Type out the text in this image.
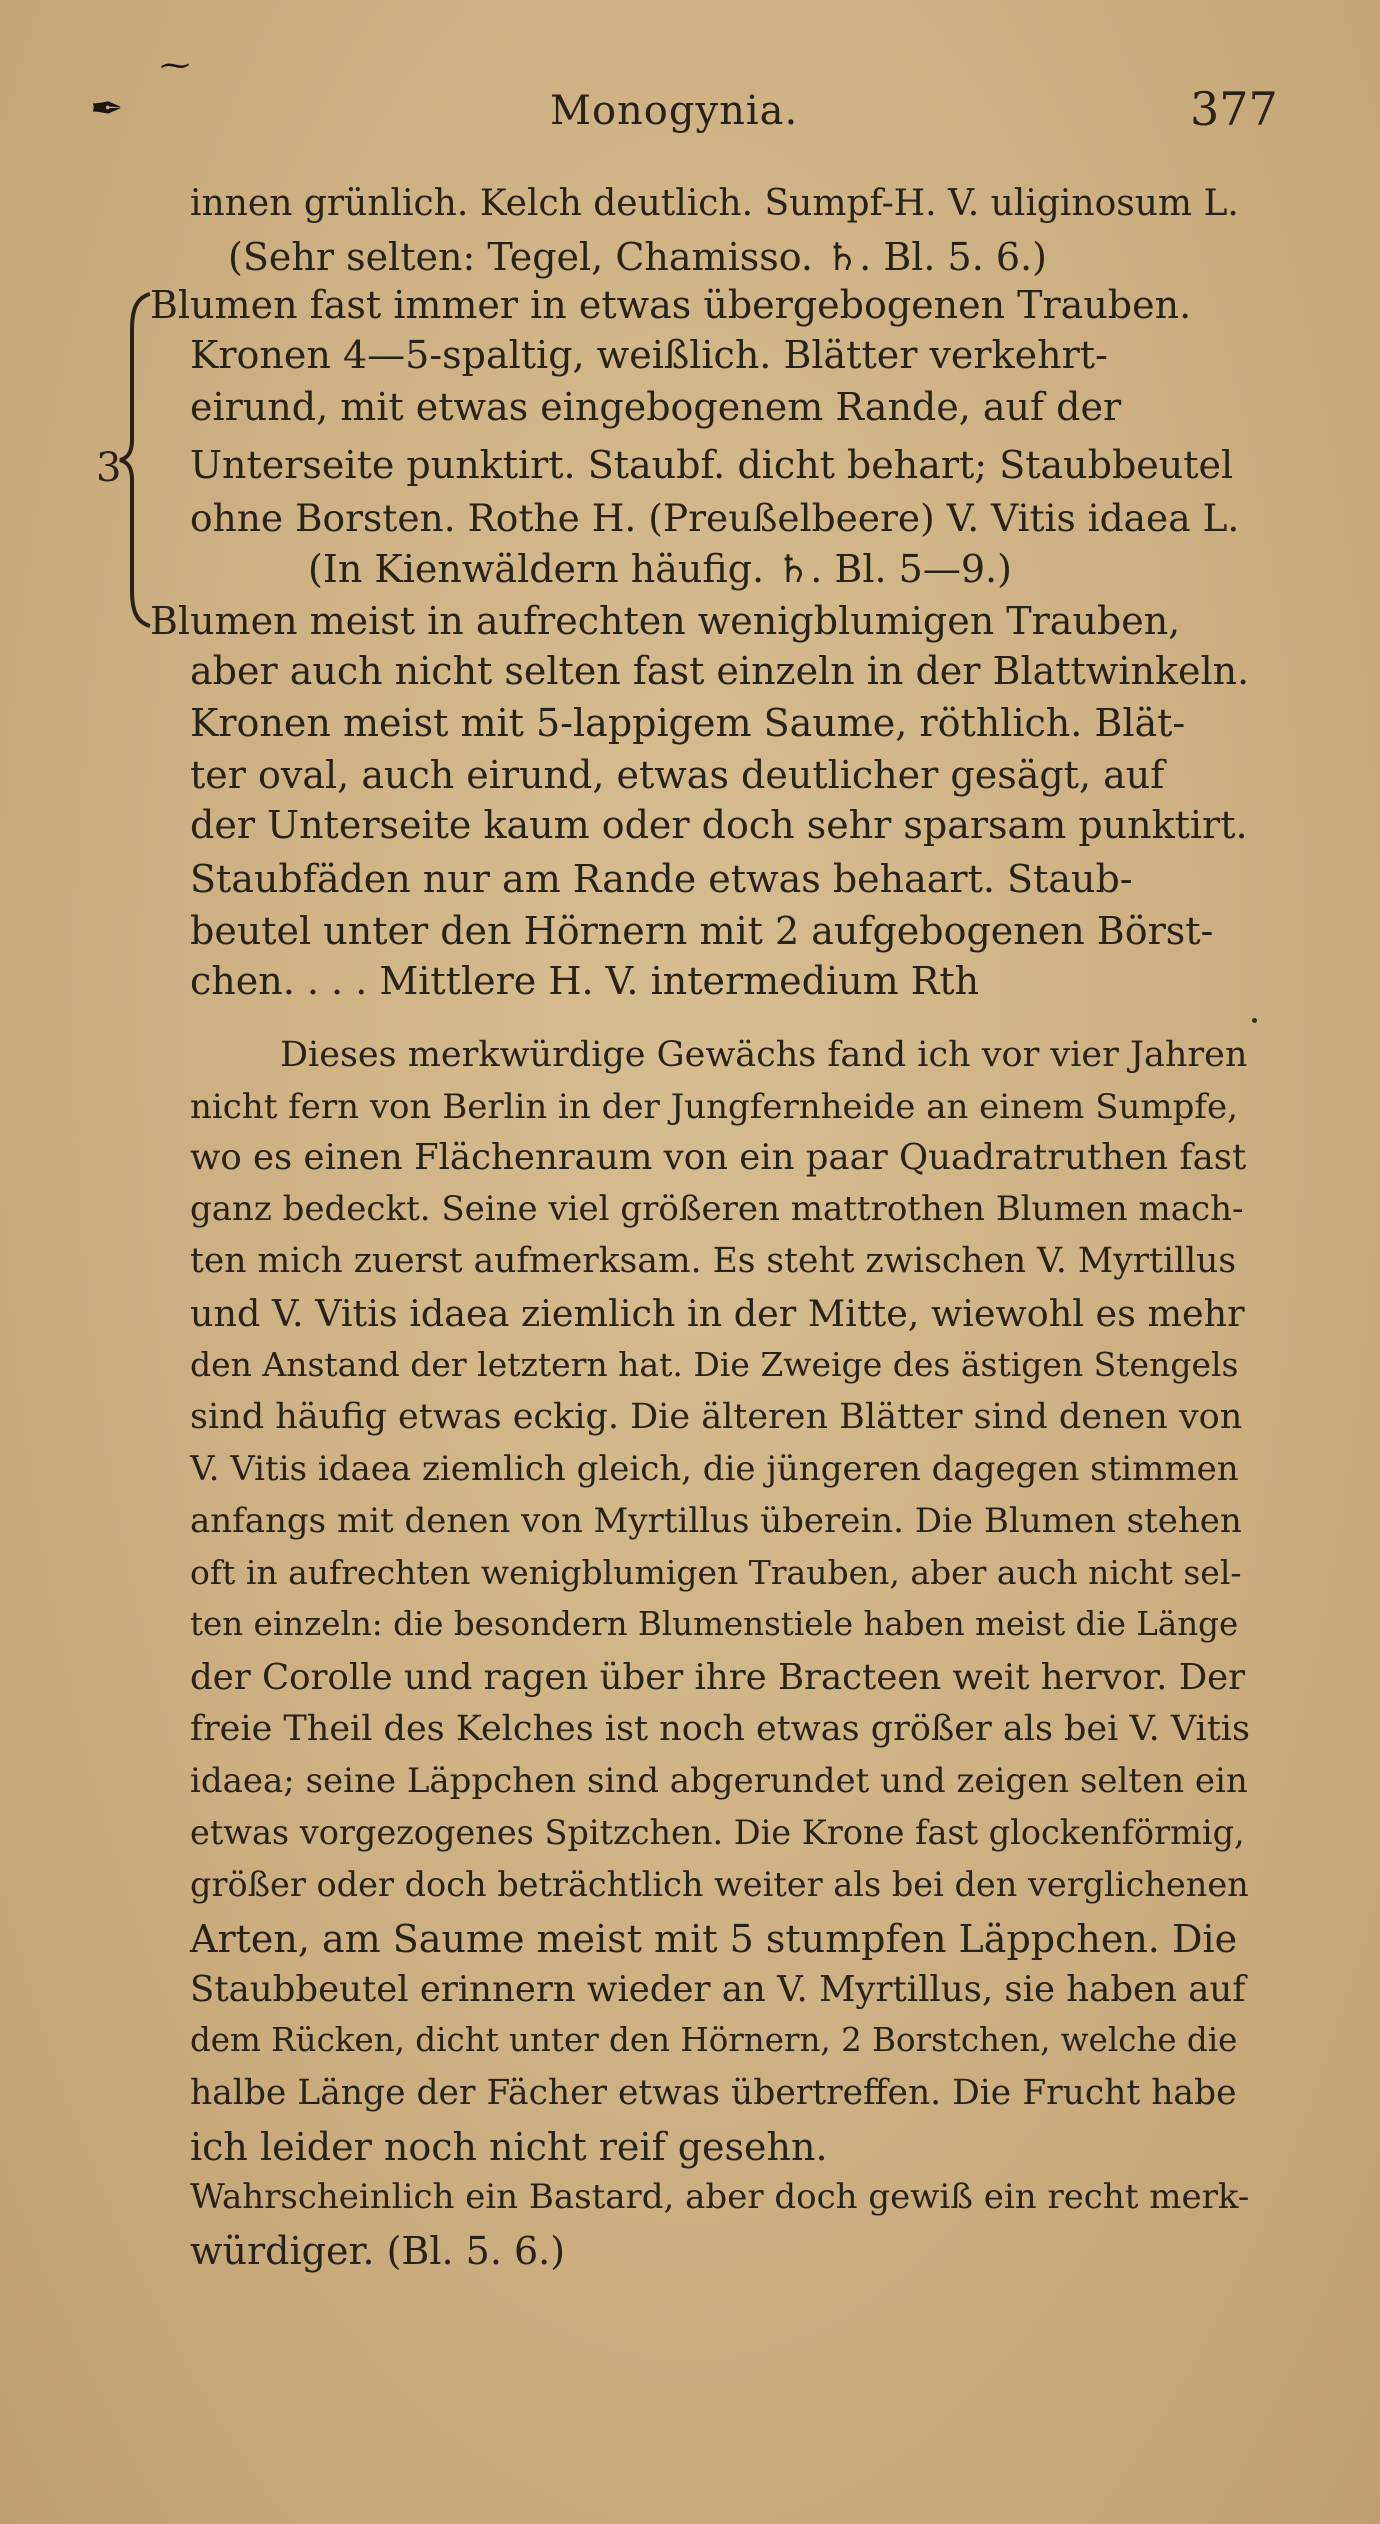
⁓
✒	Monogynia.	377
3
innen grünlich. Kelch deutlich. Sumpf-H. V. uliginosum L.
(Sehr selten: Tegel, Chamisso. ♄. Bl. 5. 6.)
Blumen fast immer in etwas übergebogenen Trauben.
Kronen 4—5-spaltig, weißlich. Blätter verkehrt-
eirund, mit etwas eingebogenem Rande, auf der
Unterseite punktirt. Staubf. dicht behart; Staubbeutel
ohne Borsten. Rothe H. (Preußelbeere) V. Vitis idaea L.
(In Kienwäldern häufig. ♄. Bl. 5—9.)
Blumen meist in aufrechten wenigblumigen Trauben,
aber auch nicht selten fast einzeln in der Blattwinkeln.
Kronen meist mit 5-lappigem Saume, röthlich. Blät-
ter oval, auch eirund, etwas deutlicher gesägt, auf
der Unterseite kaum oder doch sehr sparsam punktirt.
Staubfäden nur am Rande etwas behaart. Staub-
beutel unter den Hörnern mit 2 aufgebogenen Börst-
chen. . . . Mittlere H. V. intermedium Rth
Dieses merkwürdige Gewächs fand ich vor vier Jahren
nicht fern von Berlin in der Jungfernheide an einem Sumpfe,
wo es einen Flächenraum von ein paar Quadratruthen fast
ganz bedeckt. Seine viel größeren mattrothen Blumen mach-
ten mich zuerst aufmerksam. Es steht zwischen V. Myrtillus
und V. Vitis idaea ziemlich in der Mitte, wiewohl es mehr
den Anstand der letztern hat. Die Zweige des ästigen Stengels
sind häufig etwas eckig. Die älteren Blätter sind denen von
V. Vitis idaea ziemlich gleich, die jüngeren dagegen stimmen
anfangs mit denen von Myrtillus überein. Die Blumen stehen
oft in aufrechten wenigblumigen Trauben, aber auch nicht sel-
ten einzeln: die besondern Blumenstiele haben meist die Länge
der Corolle und ragen über ihre Bracteen weit hervor. Der
freie Theil des Kelches ist noch etwas größer als bei V. Vitis
idaea; seine Läppchen sind abgerundet und zeigen selten ein
etwas vorgezogenes Spitzchen. Die Krone fast glockenförmig,
größer oder doch beträchtlich weiter als bei den verglichenen
Arten, am Saume meist mit 5 stumpfen Läppchen. Die
Staubbeutel erinnern wieder an V. Myrtillus, sie haben auf
dem Rücken, dicht unter den Hörnern, 2 Borstchen, welche die
halbe Länge der Fächer etwas übertreffen. Die Frucht habe
ich leider noch nicht reif gesehn.
Wahrscheinlich ein Bastard, aber doch gewiß ein recht merk-
würdiger. (Bl. 5. 6.)
